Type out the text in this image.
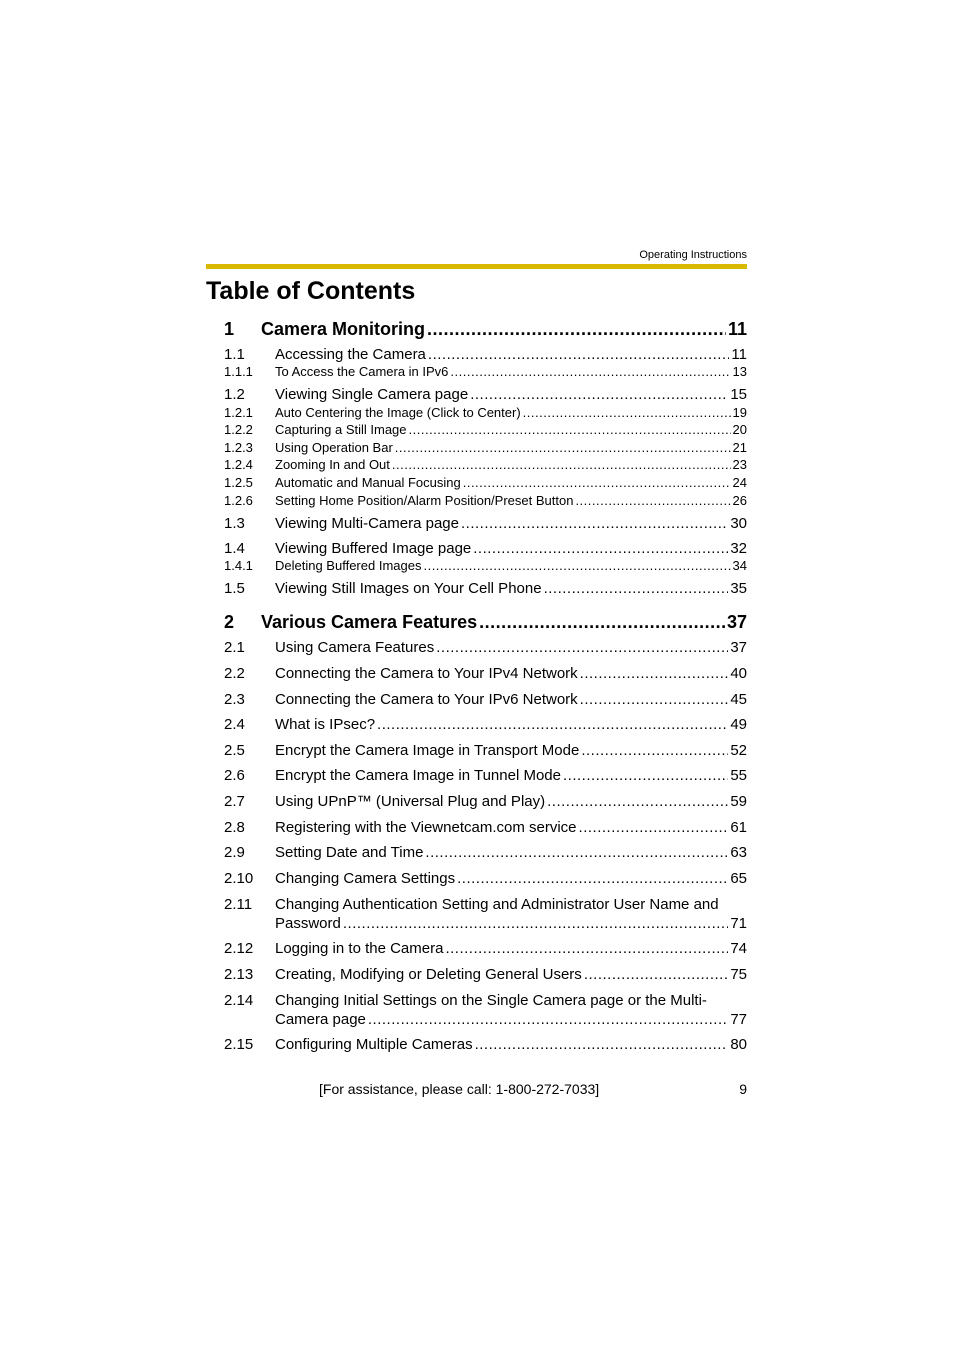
Operating Instructions
Table of Contents
1	Camera Monitoring .....	11
1.1	Accessing the Camera .....	11
1.1.1	To Access the Camera in IPv6 .....	13
1.2	Viewing Single Camera page .....	15
1.2.1	Auto Centering the Image (Click to Center) .....	19
1.2.2	Capturing a Still Image .....	20
1.2.3	Using Operation Bar .....	21
1.2.4	Zooming In and Out .....	23
1.2.5	Automatic and Manual Focusing .....	24
1.2.6	Setting Home Position/Alarm Position/Preset Button .....	26
1.3	Viewing Multi-Camera page .....	30
1.4	Viewing Buffered Image page .....	32
1.4.1	Deleting Buffered Images .....	34
1.5	Viewing Still Images on Your Cell Phone .....	35
2	Various Camera Features .....	37
2.1	Using Camera Features .....	37
2.2	Connecting the Camera to Your IPv4 Network .....	40
2.3	Connecting the Camera to Your IPv6 Network .....	45
2.4	What is IPsec? .....	49
2.5	Encrypt the Camera Image in Transport Mode .....	52
2.6	Encrypt the Camera Image in Tunnel Mode .....	55
2.7	Using UPnP™ (Universal Plug and Play) .....	59
2.8	Registering with the Viewnetcam.com service .....	61
2.9	Setting Date and Time .....	63
2.10	Changing Camera Settings .....	65
2.11	Changing Authentication Setting and Administrator User Name and
Password .....	71
2.12	Logging in to the Camera .....	74
2.13	Creating, Modifying or Deleting General Users .....	75
2.14	Changing Initial Settings on the Single Camera page or the Multi-
Camera page .....	77
2.15	Configuring Multiple Cameras .....	80
[For assistance, please call: 1-800-272-7033]	9
